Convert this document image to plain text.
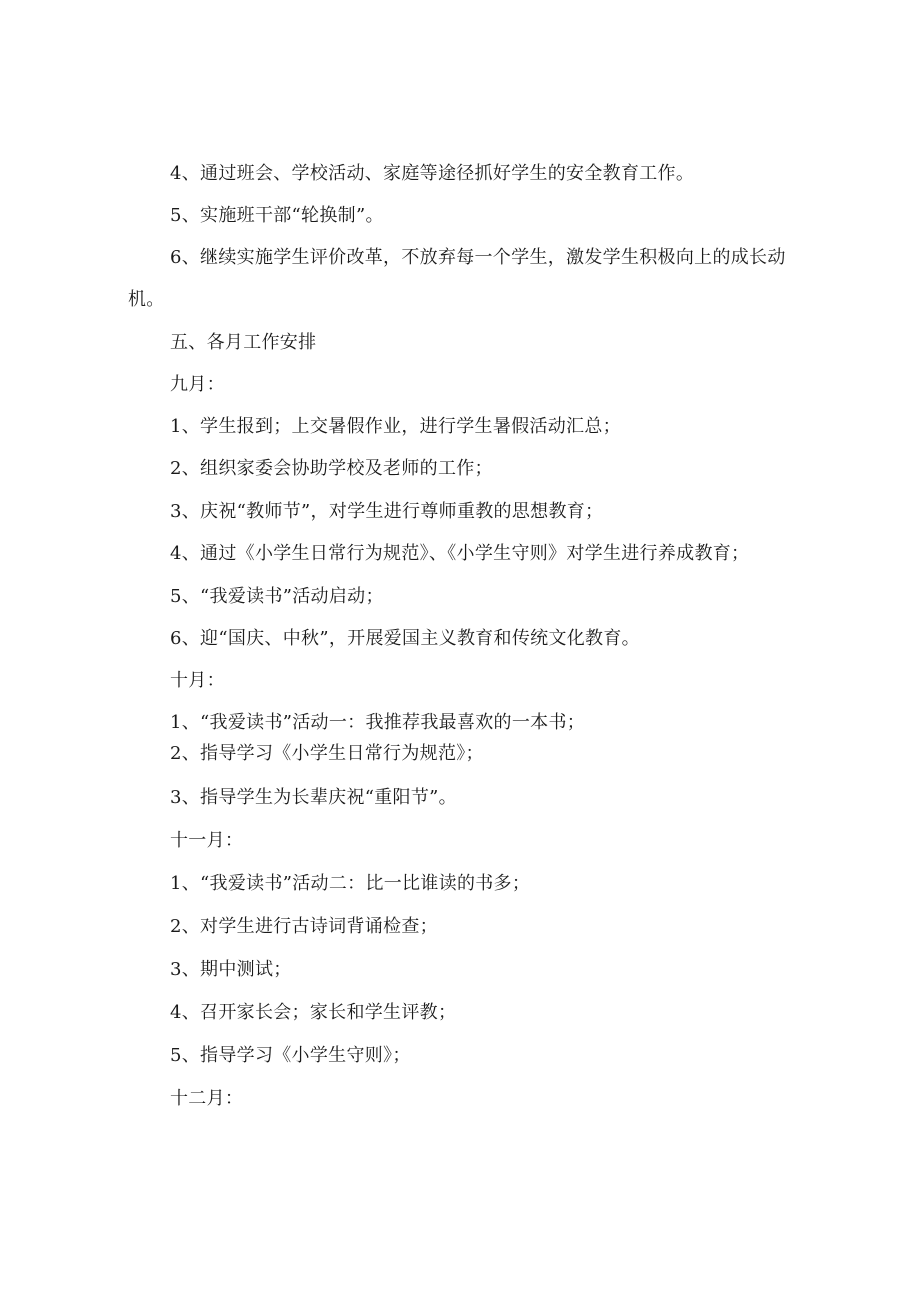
4、通过班会、学校活动、家庭等途径抓好学生的安全教育工作。
5、实施班干部“轮换制”。
6、继续实施学生评价改革，不放弃每一个学生，激发学生积极向上的成长动
机。
五、各月工作安排
九月：
1、学生报到；上交暑假作业，进行学生暑假活动汇总；
2、组织家委会协助学校及老师的工作；
3、庆祝“教师节”，对学生进行尊师重教的思想教育；
4、通过《小学生日常行为规范》、《小学生守则》对学生进行养成教育；
5、“我爱读书”活动启动；
6、迎“国庆、中秋”，开展爱国主义教育和传统文化教育。
十月：
1、“我爱读书”活动一：我推荐我最喜欢的一本书；
2、指导学习《小学生日常行为规范》；
3、指导学生为长辈庆祝“重阳节”。
十一月：
1、“我爱读书”活动二：比一比谁读的书多；
2、对学生进行古诗词背诵检查；
3、期中测试；
4、召开家长会；家长和学生评教；
5、指导学习《小学生守则》；
十二月：
